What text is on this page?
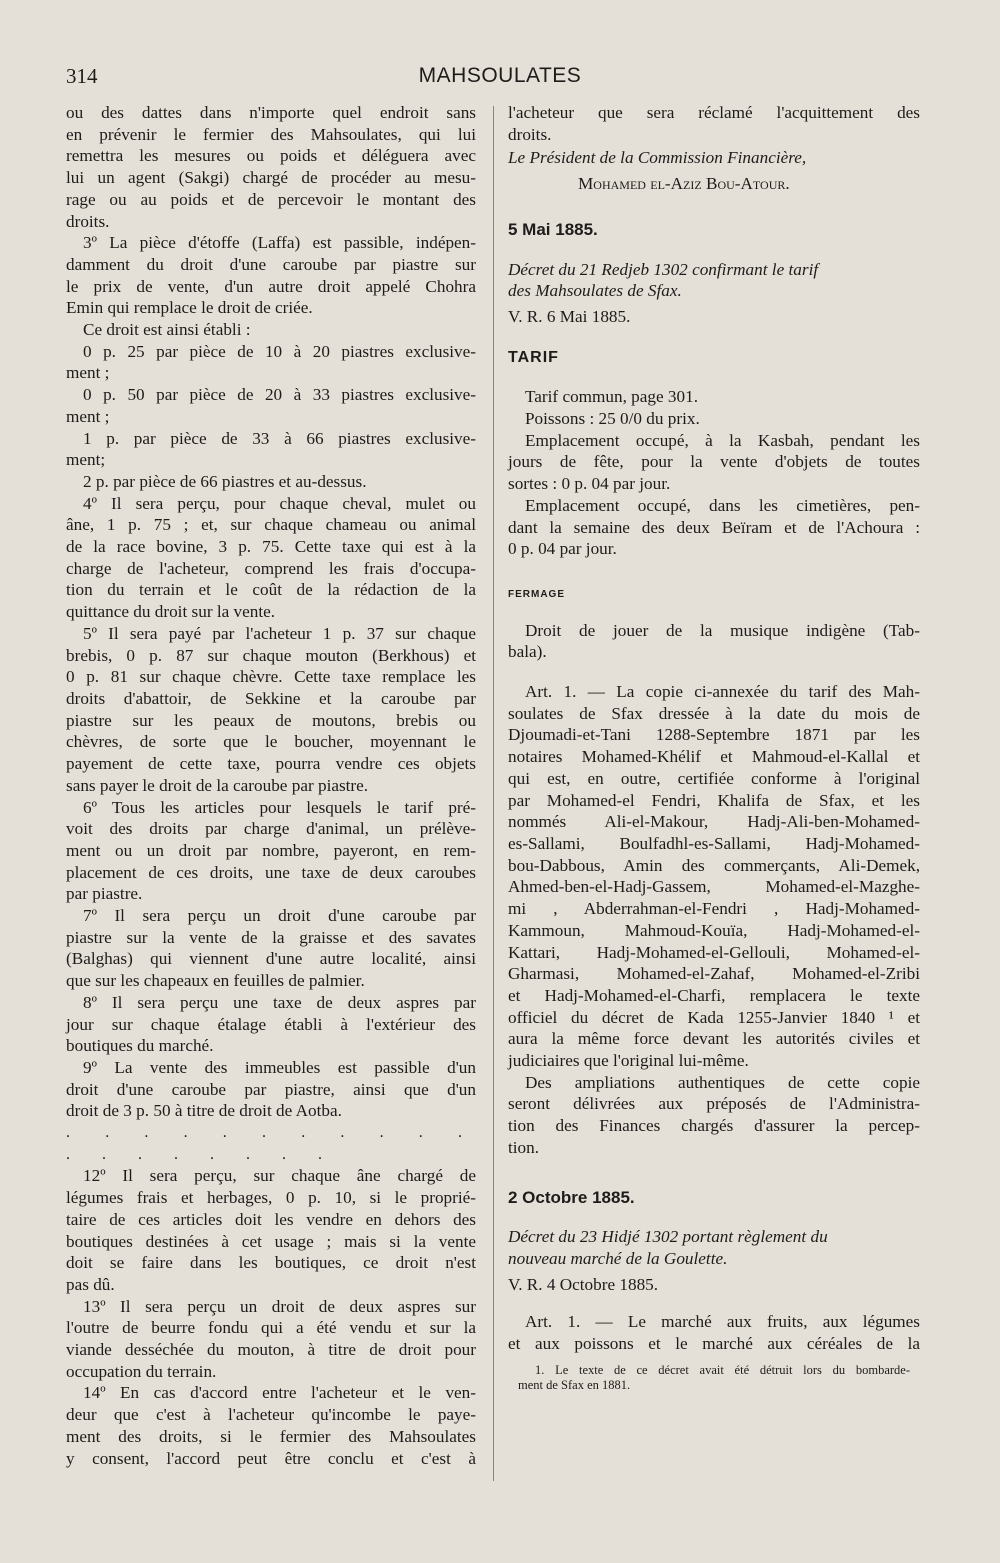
314	MAHSOULATES

ou des dattes dans n'importe quel endroit sans
en prévenir le fermier des Mahsoulates, qui lui
remettra les mesures ou poids et déléguera avec
lui un agent (Sakgi) chargé de procéder au mesu-
rage ou au poids et de percevoir le montant des
droits.

3º La pièce d'étoffe (Laffa) est passible, indépen-
damment du droit d'une caroube par piastre sur
le prix de vente, d'un autre droit appelé Chohra
Emin qui remplace le droit de criée.

Ce droit est ainsi établi :

0 p. 25 par pièce de 10 à 20 piastres exclusive-
ment ;

0 p. 50 par pièce de 20 à 33 piastres exclusive-
ment ;

1 p. par pièce de 33 à 66 piastres exclusive-
ment;

2 p. par pièce de 66 piastres et au-dessus.

4º Il sera perçu, pour chaque cheval, mulet ou
âne, 1 p. 75 ; et, sur chaque chameau ou animal
de la race bovine, 3 p. 75. Cette taxe qui est à la
charge de l'acheteur, comprend les frais d'occupa-
tion du terrain et le coût de la rédaction de la
quittance du droit sur la vente.

5º Il sera payé par l'acheteur 1 p. 37 sur chaque
brebis, 0 p. 87 sur chaque mouton (Berkhous) et
0 p. 81 sur chaque chèvre. Cette taxe remplace les
droits d'abattoir, de Sekkine et la caroube par
piastre sur les peaux de moutons, brebis ou
chèvres, de sorte que le boucher, moyennant le
payement de cette taxe, pourra vendre ces objets
sans payer le droit de la caroube par piastre.

6º Tous les articles pour lesquels le tarif pré-
voit des droits par charge d'animal, un prélève-
ment ou un droit par nombre, payeront, en rem-
placement de ces droits, une taxe de deux caroubes
par piastre.

7º Il sera perçu un droit d'une caroube par
piastre sur la vente de la graisse et des savates
(Balghas) qui viennent d'une autre localité, ainsi
que sur les chapeaux en feuilles de palmier.

8º Il sera perçu une taxe de deux aspres par
jour sur chaque étalage établi à l'extérieur des
boutiques du marché.

9º La vente des immeubles est passible d'un
droit d'une caroube par piastre, ainsi que d'un
droit de 3 p. 50 à titre de droit de Aotba.

. . . . . . . . . . . . . . . . . . .

12º Il sera perçu, sur chaque âne chargé de
légumes frais et herbages, 0 p. 10, si le proprié-
taire de ces articles doit les vendre en dehors des
boutiques destinées à cet usage ; mais si la vente
doit se faire dans les boutiques, ce droit n'est
pas dû.

13º Il sera perçu un droit de deux aspres sur
l'outre de beurre fondu qui a été vendu et sur la
viande desséchée du mouton, à titre de droit pour
occupation du terrain.

14º En cas d'accord entre l'acheteur et le ven-
deur que c'est à l'acheteur qu'incombe le paye-
ment des droits, si le fermier des Mahsoulates
y consent, l'accord peut être conclu et c'est à

l'acheteur que sera réclamé l'acquittement des
droits.

Le Président de la Commission Financière,

Mohamed el-Aziz Bou-Atour.

5 Mai 1885.

Décret du 21 Redjeb 1302 confirmant le tarif
des Mahsoulates de Sfax.

V. R. 6 Mai 1885.

TARIF

Tarif commun, page 301.

Poissons : 25 0/0 du prix.

Emplacement occupé, à la Kasbah, pendant les
jours de fête, pour la vente d'objets de toutes
sortes : 0 p. 04 par jour.

Emplacement occupé, dans les cimetières, pen-
dant la semaine des deux Beïram et de l'Achoura :
0 p. 04 par jour.

FERMAGE

Droit de jouer de la musique indigène (Tab-
bala).

Art. 1. — La copie ci-annexée du tarif des Mah-
soulates de Sfax dressée à la date du mois de
Djoumadi-et-Tani 1288-Septembre 1871 par les
notaires Mohamed-Khélif et Mahmoud-el-Kallal et
qui est, en outre, certifiée conforme à l'original
par Mohamed-el Fendri, Khalifa de Sfax, et les
nommés Ali-el-Makour, Hadj-Ali-ben-Mohamed-
es-Sallami, Boulfadhl-es-Sallami, Hadj-Mohamed-
bou-Dabbous, Amin des commerçants, Ali-Demek,
Ahmed-ben-el-Hadj-Gassem, Mohamed-el-Mazghe-
mi , Abderrahman-el-Fendri , Hadj-Mohamed-
Kammoun, Mahmoud-Kouïa, Hadj-Mohamed-el-
Kattari, Hadj-Mohamed-el-Gellouli, Mohamed-el-
Gharmasi, Mohamed-el-Zahaf, Mohamed-el-Zribi
et Hadj-Mohamed-el-Charfi, remplacera le texte
officiel du décret de Kada 1255-Janvier 1840 ¹ et
aura la même force devant les autorités civiles et
judiciaires que l'original lui-même.

Des ampliations authentiques de cette copie
seront délivrées aux préposés de l'Administra-
tion des Finances chargés d'assurer la percep-
tion.

2 Octobre 1885.

Décret du 23 Hidjé 1302 portant règlement du
nouveau marché de la Goulette.

V. R. 4 Octobre 1885.

Art. 1. — Le marché aux fruits, aux légumes
et aux poissons et le marché aux céréales de la

1. Le texte de ce décret avait été détruit lors du bombarde-
ment de Sfax en 1881.
